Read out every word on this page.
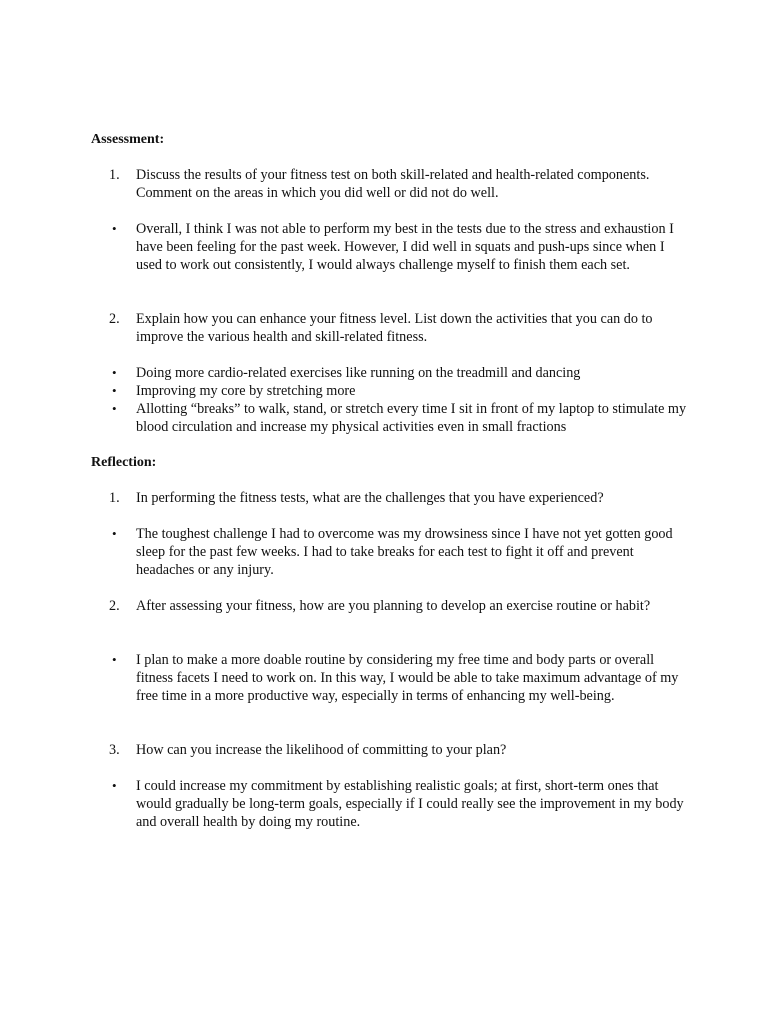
Assessment:

1.	Discuss the results of your fitness test on both skill-related and health-related components. Comment on the areas in which you did well or did not do well.
• Overall, I think I was not able to perform my best in the tests due to the stress and exhaustion I have been feeling for the past week. However, I did well in squats and push-ups since when I used to work out consistently, I would always challenge myself to finish them each set.
2.	Explain how you can enhance your fitness level. List down the activities that you can do to improve the various health and skill-related fitness.
• Doing more cardio-related exercises like running on the treadmill and dancing
• Improving my core by stretching more
• Allotting “breaks” to walk, stand, or stretch every time I sit in front of my laptop to stimulate my blood circulation and increase my physical activities even in small fractions

Reflection:

1.	In performing the fitness tests, what are the challenges that you have experienced?
• The toughest challenge I had to overcome was my drowsiness since I have not yet gotten good sleep for the past few weeks. I had to take breaks for each test to fight it off and prevent headaches or any injury.
2.	After assessing your fitness, how are you planning to develop an exercise routine or habit?
• I plan to make a more doable routine by considering my free time and body parts or overall fitness facets I need to work on. In this way, I would be able to take maximum advantage of my free time in a more productive way, especially in terms of enhancing my well-being.
3.	How can you increase the likelihood of committing to your plan?
• I could increase my commitment by establishing realistic goals; at first, short-term ones that would gradually be long-term goals, especially if I could really see the improvement in my body and overall health by doing my routine.
